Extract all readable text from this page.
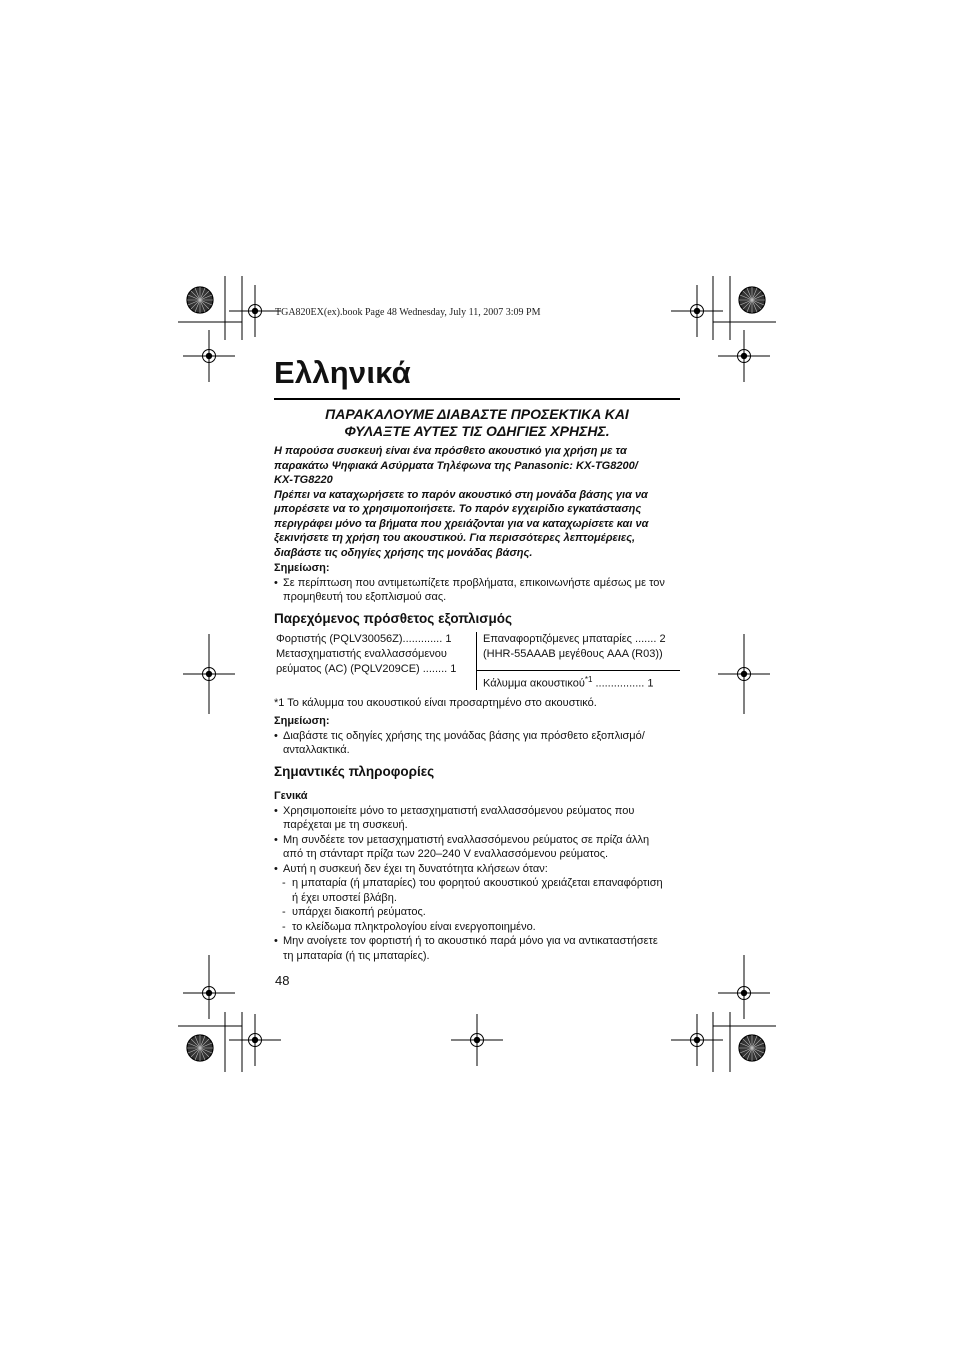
TGA820EX(ex).book Page 48 Wednesday, July 11, 2007 3:09 PM
Ελληνικά
ΠΑΡΑΚΑΛΟΥΜΕ ΔΙΑΒΑΣΤΕ ΠΡΟΣΕΚΤΙΚΑ ΚΑΙ
ΦΥΛΑΞΤΕ ΑΥΤΕΣ ΤΙΣ ΟΔΗΓΙΕΣ ΧΡΗΣΗΣ.
Η παρούσα συσκευή είναι ένα πρόσθετο ακουστικό για χρήση με τα
παρακάτω Ψηφιακά Ασύρματα Τηλέφωνα της Panasonic: KX-TG8200/
KX-TG8220
Πρέπει να καταχωρήσετε το παρόν ακουστικό στη μονάδα βάσης για να
μπορέσετε να το χρησιμοποιήσετε. Το παρόν εγχειρίδιο εγκατάστασης
περιγράφει μόνο τα βήματα που χρειάζονται για να καταχωρίσετε και να
ξεκινήσετε τη χρήση του ακουστικού. Για περισσότερες λεπτομέρειες,
διαβάστε τις οδηγίες χρήσης της μονάδας βάσης.
Σημείωση:
• Σε περίπτωση που αντιμετωπίζετε προβλήματα, επικοινωνήστε αμέσως με τον
προμηθευτή του εξοπλισμού σας.
Παρεχόμενος πρόσθετος εξοπλισμός
Φορτιστής (PQLV30056Z)............. 1
Μετασχηματιστής εναλλασσόμενου
ρεύματος (AC) (PQLV209CE) ........ 1
Επαναφορτιζόμενες μπαταρίες ....... 2
(HHR-55AAAB μεγέθους AAA (R03))
Κάλυμμα ακουστικού$^{*1}$ ................ 1
*1 Το κάλυμμα του ακουστικού είναι προσαρτημένο στο ακουστικό.
Σημείωση:
• Διαβάστε τις οδηγίες χρήσης της μονάδας βάσης για πρόσθετο εξοπλισμό/
ανταλλακτικά.
Σημαντικές πληροφορίες
Γενικά
• Χρησιμοποιείτε μόνο το μετασχηματιστή εναλλασσόμενου ρεύματος που
παρέχεται με τη συσκευή.
• Μη συνδέετε τον μετασχηματιστή εναλλασσόμενου ρεύματος σε πρίζα άλλη
από τη στάνταρτ πρίζα των 220–240 V εναλλασσόμενου ρεύματος.
• Αυτή η συσκευή δεν έχει τη δυνατότητα κλήσεων όταν:
- η μπαταρία (ή μπαταρίες) του φορητού ακουστικού χρειάζεται επαναφόρτιση
ή έχει υποστεί βλάβη.
- υπάρχει διακοπή ρεύματος.
- το κλείδωμα πληκτρολογίου είναι ενεργοποιημένο.
• Μην ανοίγετε τον φορτιστή ή το ακουστικό παρά μόνο για να αντικαταστήσετε
τη μπαταρία (ή τις μπαταρίες).
48
